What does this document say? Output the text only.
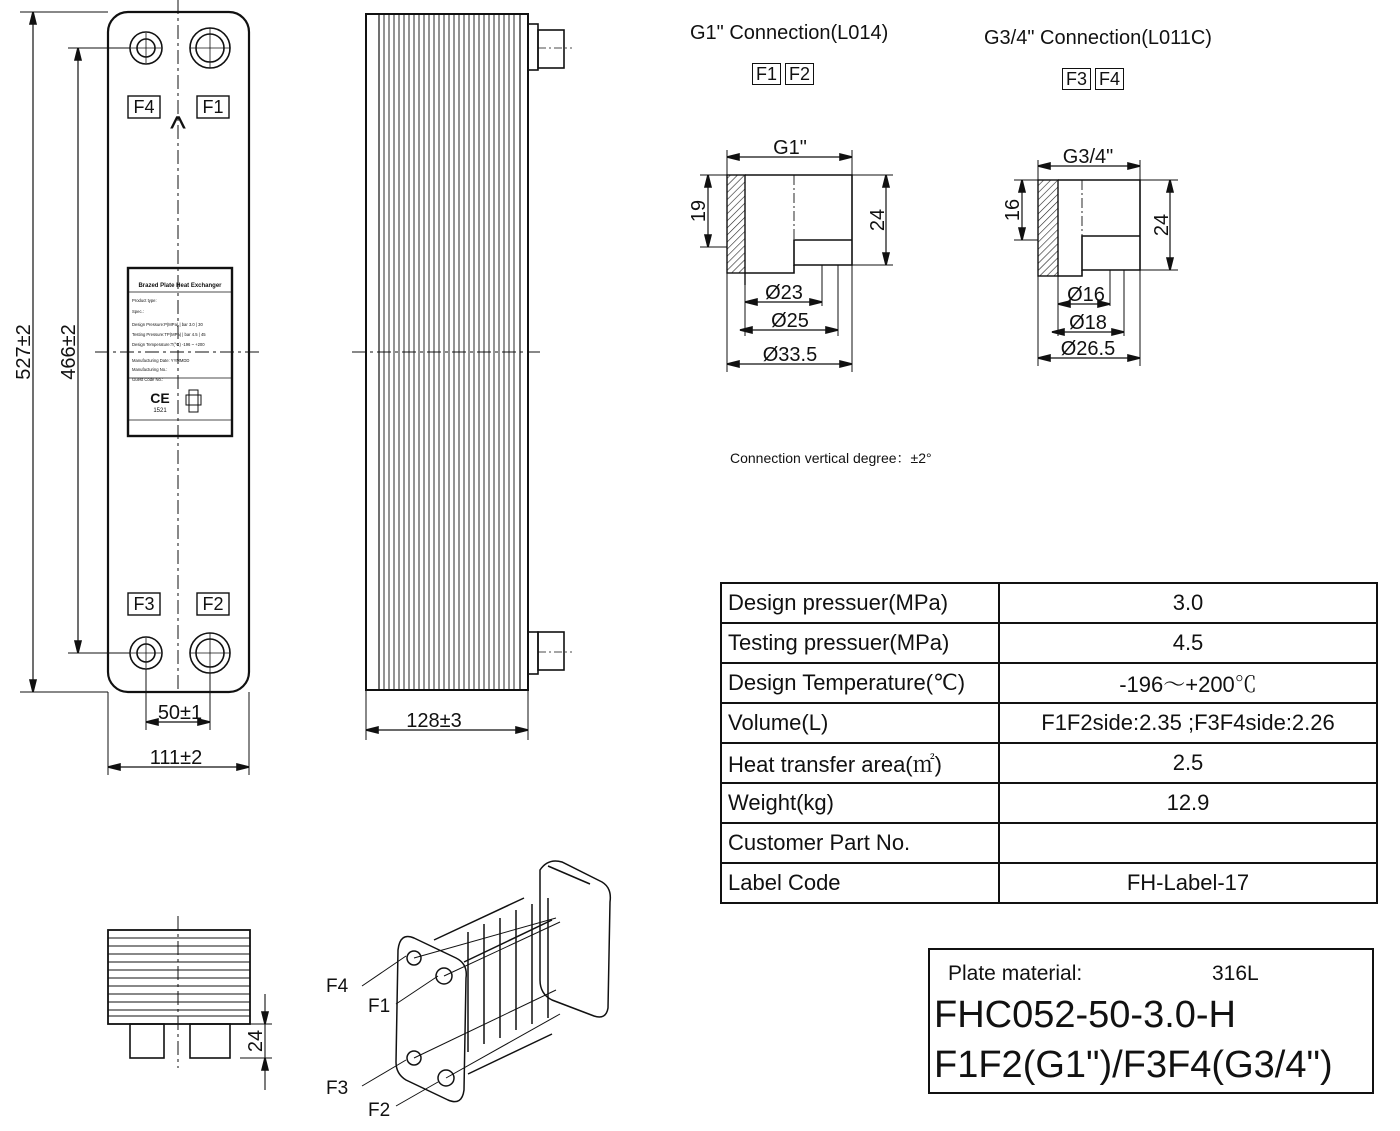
F4	F1
F3	F2
^
Brazed Plate Heat Exchanger
Product type:
Spec.:
Design Pressure:P(MPa) | bar 3.0 | 30
Testing Pressure:TP(MPa) | bar 4.5 | 45
Design Temperature:T(°C) -196 ~ +200
Manufacturing Date: YYMMDD
Manufacturing No.:
Guest Code No.:
CE
1521
527±2 466±2
50±1
111±2
128±3
24
F4
F1
F3
F2
G1"
19	24
Ø23
Ø25
Ø33.5
G3/4"
16
24
Ø16
Ø18
Ø26.5
G1" Connection(L014)
F1 F2
G3/4" Connection(L011C)
F3 F4
Connection vertical degree：±2°
Design pressuer(MPa)	3.0
Testing pressuer(MPa)	4.5
Design Temperature(℃)	-196～+200℃
Volume(L)	F1F2side:2.35 ;F3F4side:2.26
Heat transfer area(㎡)	2.5
Weight(kg)	12.9
Customer Part No.	
Label Code	FH-Label-17
Plate material:	316L
FHC052-50-3.0-H
F1F2(G1")/F3F4(G3/4")
